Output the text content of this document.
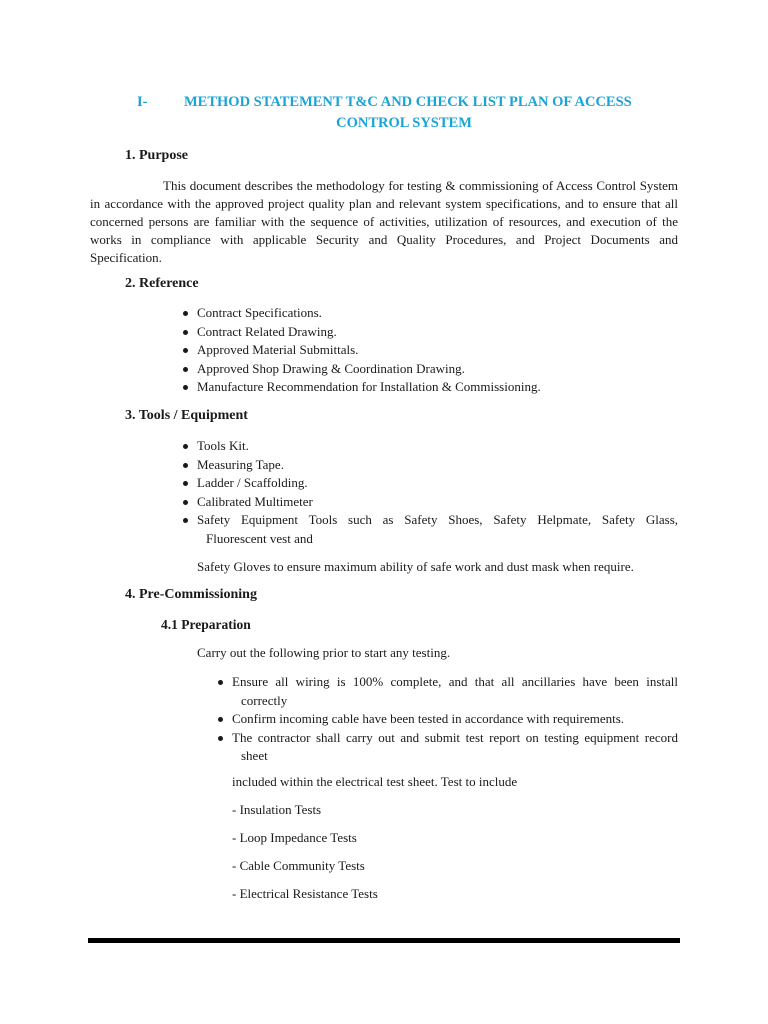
I-	METHOD STATEMENT T&C AND CHECK LIST PLAN OF ACCESS
CONTROL SYSTEM
1. Purpose

This document describes the methodology for testing & commissioning of Access Control System in accordance with the approved project quality plan and relevant system specifications, and to ensure that all concerned persons are familiar with the sequence of activities, utilization of resources, and execution of the works in compliance with applicable Security and Quality Procedures, and Project Documents and Specification.

2. Reference
Contract Specifications.
Contract Related Drawing.
Approved Material Submittals.
Approved Shop Drawing & Coordination Drawing.
Manufacture Recommendation for Installation & Commissioning.
3. Tools / Equipment
Tools Kit.
Measuring Tape.
Ladder / Scaffolding.
Calibrated Multimeter
Safety Equipment Tools such as Safety Shoes, Safety Helpmate, Safety Glass,
Fluorescent vest and
Safety Gloves to ensure maximum ability of safe work and dust mask when require.
4. Pre-Commissioning
4.1 Preparation
Carry out the following prior to start any testing.
Ensure all wiring is 100% complete, and that all ancillaries have been install
correctly
Confirm incoming cable have been tested in accordance with requirements.
The contractor shall carry out and submit test report on testing equipment record
sheet
included within the electrical test sheet. Test to include
- Insulation Tests
- Loop Impedance Tests
- Cable Community Tests
- Electrical Resistance Tests
